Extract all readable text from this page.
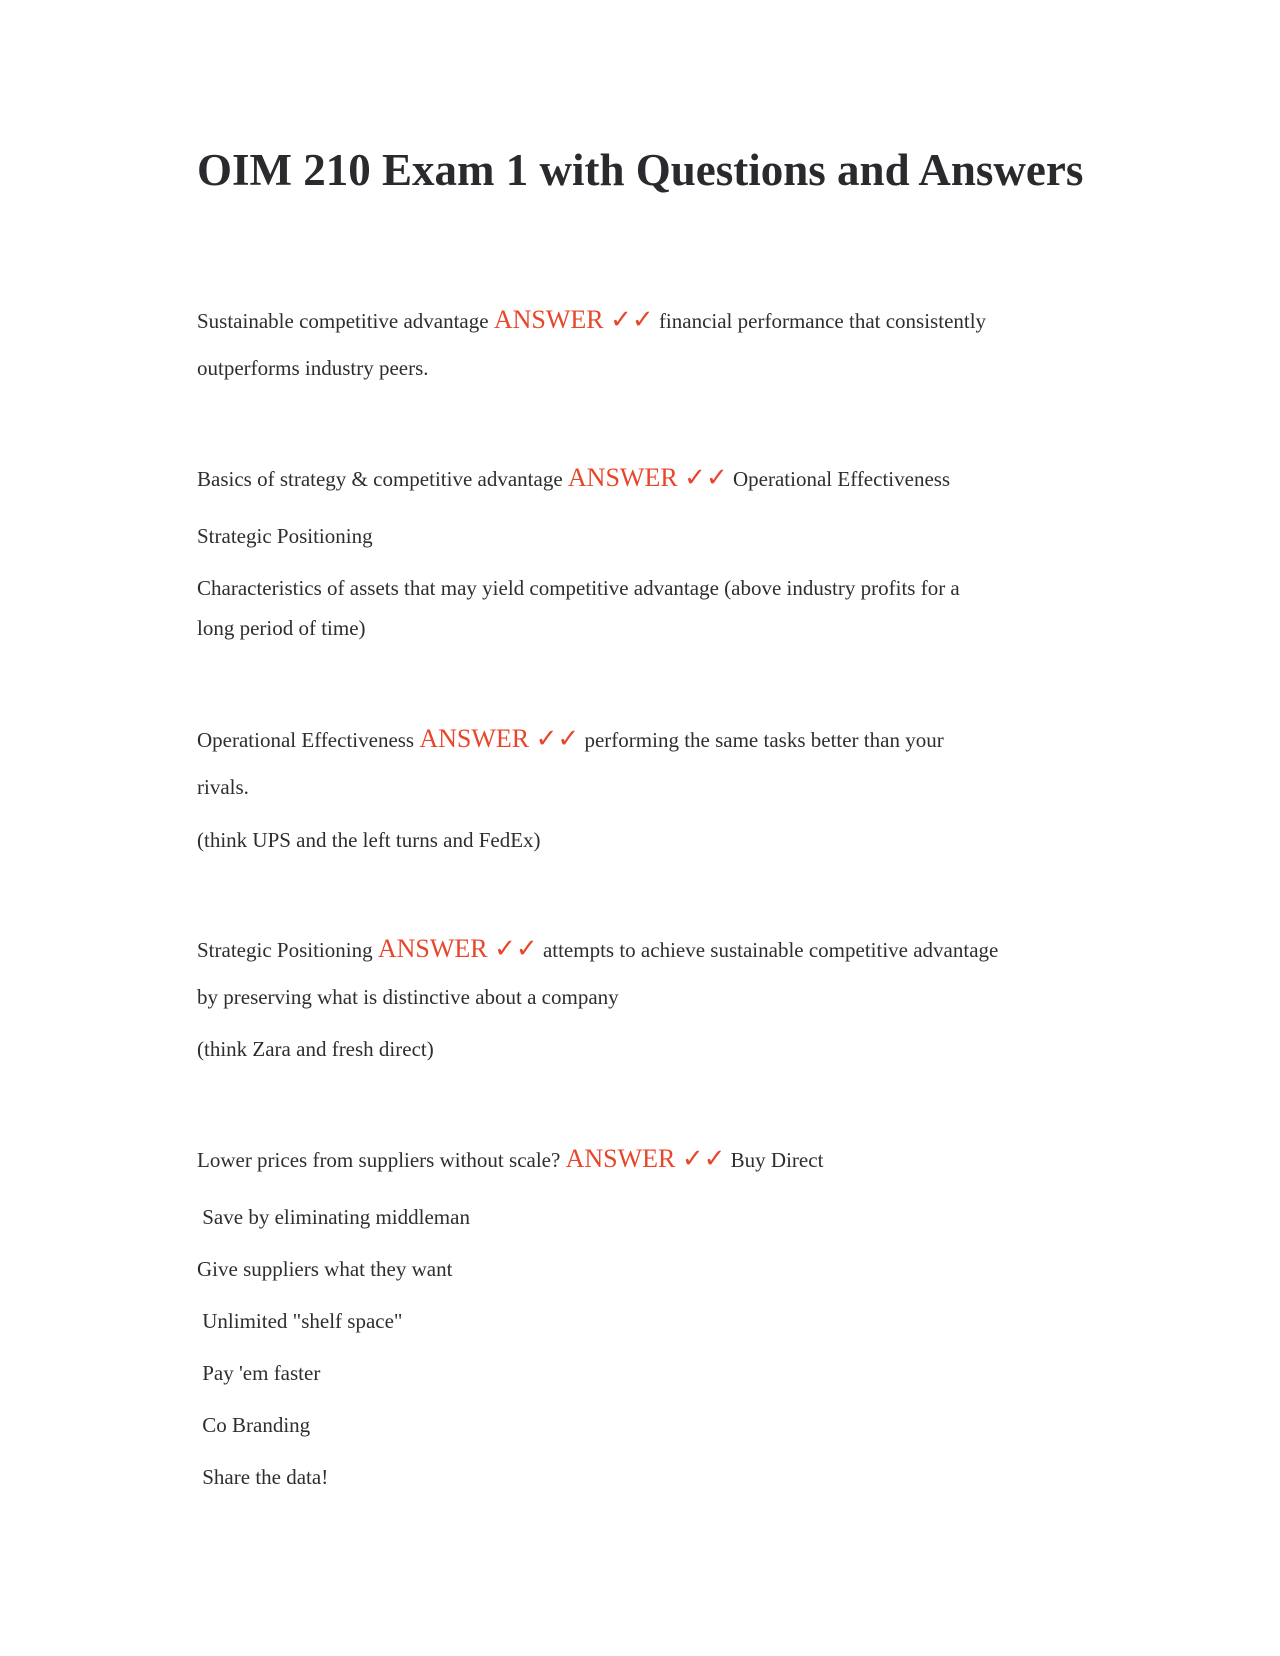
OIM 210 Exam 1 with Questions and Answers
Sustainable competitive advantage ANSWER ✓✓ financial performance that consistently
outperforms industry peers.
Basics of strategy & competitive advantage ANSWER ✓✓ Operational Effectiveness
Strategic Positioning
Characteristics of assets that may yield competitive advantage (above industry profits for a
long period of time)
Operational Effectiveness ANSWER ✓✓ performing the same tasks better than your
rivals.
(think UPS and the left turns and FedEx)
Strategic Positioning ANSWER ✓✓ attempts to achieve sustainable competitive advantage
by preserving what is distinctive about a company
(think Zara and fresh direct)
Lower prices from suppliers without scale? ANSWER ✓✓ Buy Direct
Save by eliminating middleman
Give suppliers what they want
Unlimited "shelf space"
Pay 'em faster
Co Branding
Share the data!
